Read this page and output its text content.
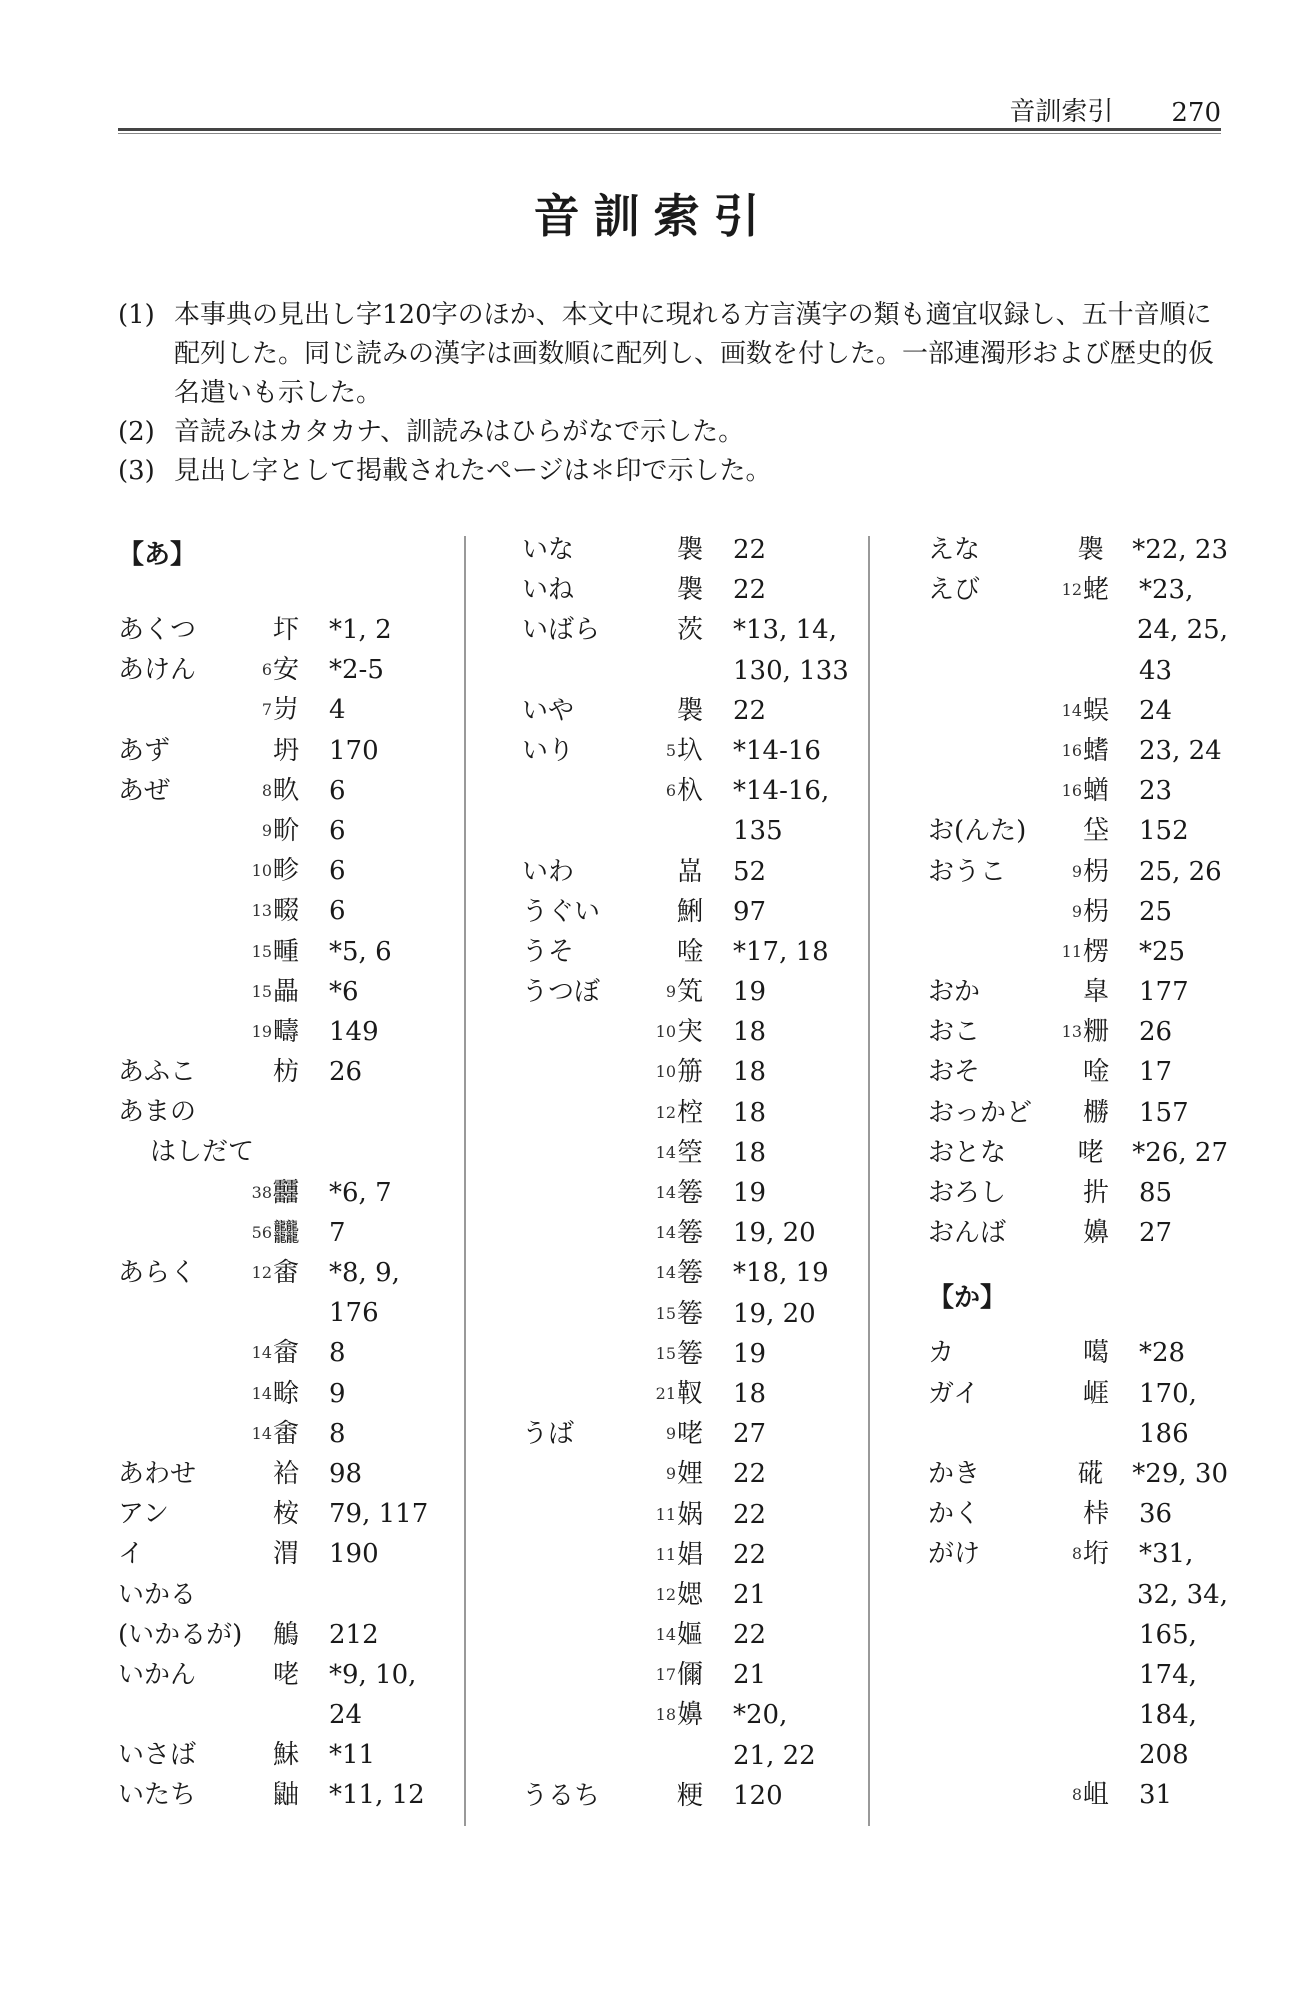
音訓索引 270
音訓索引
(1) 本事典の見出し字120字のほか、本文中に現れる方言漢字の類も適宜収録し、五十音順に配列した。同じ読みの漢字は画数順に配列し、画数を付した。一部連濁形および歴史的仮名遣いも示した。
(2) 音読みはカタカナ、訓読みはひらがなで示した。
(3) 見出し字として掲載されたページは＊印で示した。
【あ】
あくつ	圷	*1, 2
あけん	6 安	*2-5
7 岃	4
あず	坍	170
あぜ	8 畂	6
9 畍	6
10 畛	6
13 畷	6
15 畽	*5, 6
15 畾	*6
19 疇	149
あふこ	枋	26
あまの
はしだて
38 䨻	*6, 7
56 𪚥	7
あらく	12 畬	*8, 9,
176
14 畲	8
14 畭	9
14 畬	8
あわせ	袷	98
アン	桉	79, 117
イ	渭	190
いかる
(いかるが) 鵤	212
いかん	咾	*9, 10,
24
いさば	鮇	*11
いたち	鼬	*11, 12
いな	褜	22
いね	褜	22
いばら	茨	*13, 14,
130, 133
いや	褜	22
いり	5 圦	*14-16
6 杁	*14-16,
135
いわ	嵓	52
うぐい	鯏	97
うそ	唫	*17, 18
うつぼ	9 笂	19
10 宊	18
10 笧	18
12 椌	18
14 箜	18
14 箞	19
14 箞	19, 20
14 箞	*18, 19
15 箞	19, 20
15 箞	19
21 靫	18
うば	9 咾	27
9 娌	22
11 娲	22
11 娼	22
12 媤	21
14 嫗	22
17 儞	21
18 嬶	*20,
21, 22
うるち	粳	120
えな	褜	*22, 23
えび	12 蛯	*23,
24, 25,
43
14 蜈	24
16 螧	23, 24
16 蝤	23
お(んた)	垈	152
おうこ	9 枴	25, 26
9 枴	25
11 楞	*25
おか	皐	177
おこ	13 粣	26
おそ	唫	17
おっかど	橳	157
おとな	咾	*26, 27
おろし	扸	85
おんば	嬶	27
【か】
カ	噶	*28
ガイ	崕	170,
186
かき	硴	*29, 30
かく	桛	36
がけ	8 垳	*31,
32, 34,
165,
174,
184,
208
8 岨	31
